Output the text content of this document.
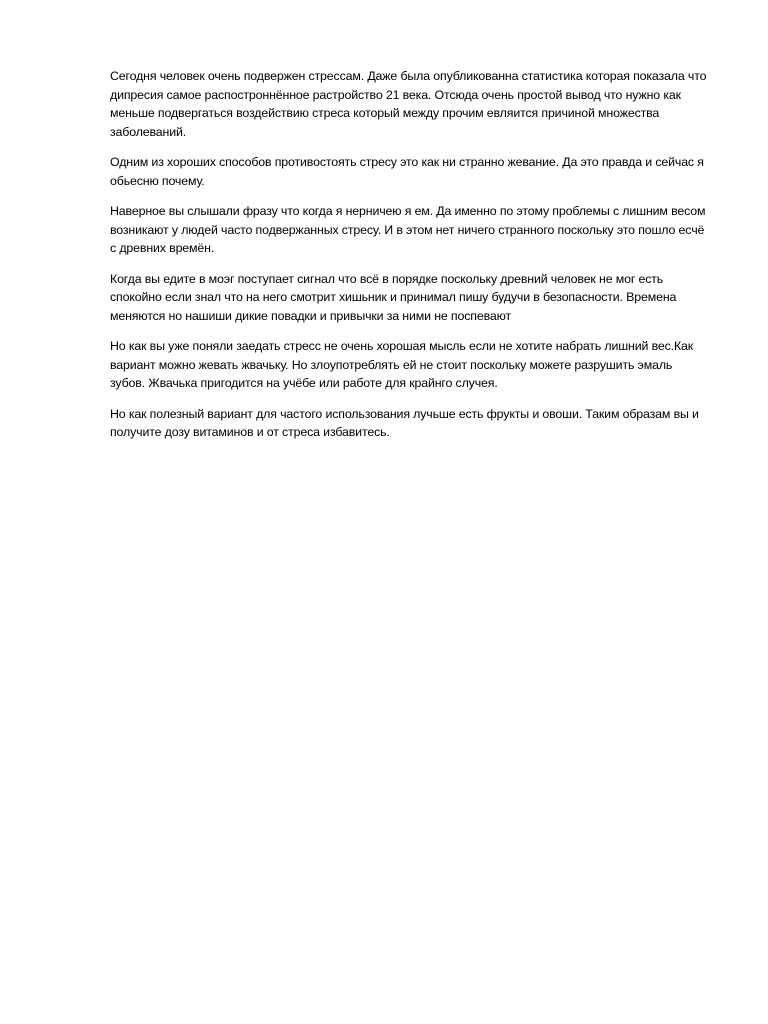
Сегодня человек очень подвержен стрессам. Даже была опубликованна статистика которая показала что дипресия самое распостроннённое растройство 21 века. Отсюда очень простой вывод что нужно как меньше подвергаться воздействию стреса который между прочим евляится причиной множества заболеваний.

Одним из хороших способов противостоять стресу это как ни странно жевание. Да это правда и сейчас я обьесню почему.

Наверное вы слышали фразу что когда я нерничею я ем. Да именно по этому проблемы с лишним весом возникают у людей часто подвержанных стресу. И в этом нет ничего странного поскольку это пошло есчё с древних времён.

Когда вы едите в моэг поступает сигнал что всё в порядке поскольку древний человек не мог есть спокойно если знал что на него смотрит хишьник и принимал пишу будучи в безопасности. Времена меняются но нашиши дикие повадки и привычки за ними не поспевают

Но как вы уже поняли заедать стресс не очень хорошая мысль если не хотите набрать лишний вес.Как вариант можно жевать жвачьку. Но злоупотреблять ей не стоит поскольку можете разрушить эмаль зубов. Жвачька пригодится на учёбе или работе для крайнго случея.

Но как полезный вариант для частого использования лучьше есть фрукты и овоши. Таким образам вы и получите дозу витаминов и от стреса избавитесь.
